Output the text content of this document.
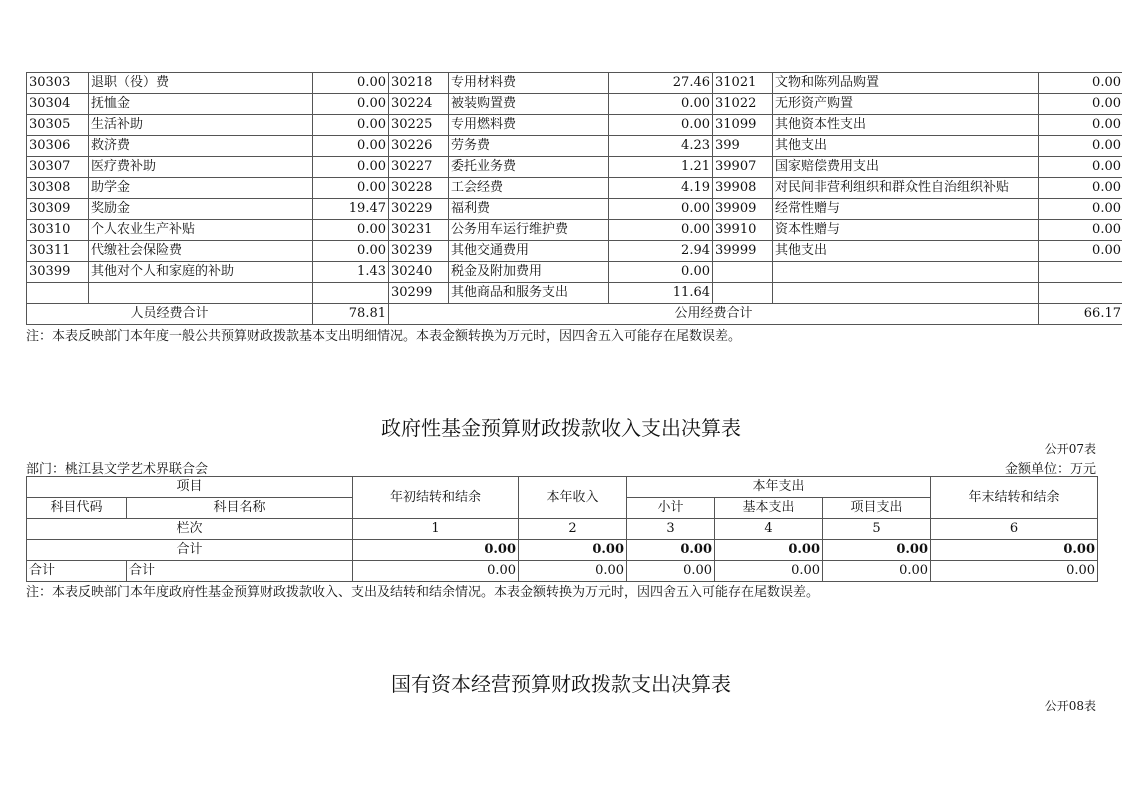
30303	退职（役）费	0.00	30218	专用材料费	27.46	31021	文物和陈列品购置	0.00
30304	抚恤金	0.00	30224	被装购置费	0.00	31022	无形资产购置	0.00
30305	生活补助	0.00	30225	专用燃料费	0.00	31099	其他资本性支出	0.00
30306	救济费	0.00	30226	劳务费	4.23	399	其他支出	0.00
30307	医疗费补助	0.00	30227	委托业务费	1.21	39907	国家赔偿费用支出	0.00
30308	助学金	0.00	30228	工会经费	4.19	39908	对民间非营利组织和群众性自治组织补贴	0.00
30309	奖励金	19.47	30229	福利费	0.00	39909	经常性赠与	0.00
30310	个人农业生产补贴	0.00	30231	公务用车运行维护费	0.00	39910	资本性赠与	0.00
30311	代缴社会保险费	0.00	30239	其他交通费用	2.94	39999	其他支出	0.00
30399	其他对个人和家庭的补助	1.43	30240	税金及附加费用	0.00			
			30299	其他商品和服务支出	11.64			
人员经费合计		78.81	公用经费合计					66.17
注：本表反映部门本年度一般公共预算财政拨款基本支出明细情况。本表金额转换为万元时，因四舍五入可能存在尾数误差。
政府性基金预算财政拨款收入支出决算表
公开07表
部门：桃江县文学艺术界联合会	金额单位：万元
项目		年初结转和结余	本年收入	本年支出			年末结转和结余
科目代码	科目名称			小计	基本支出	项目支出	
栏次		1	2	3	4	5	6
合计		0.00	0.00	0.00	0.00	0.00	0.00
合计	合计	0.00	0.00	0.00	0.00	0.00	0.00
注：本表反映部门本年度政府性基金预算财政拨款收入、支出及结转和结余情况。本表金额转换为万元时，因四舍五入可能存在尾数误差。
国有资本经营预算财政拨款支出决算表
公开08表
